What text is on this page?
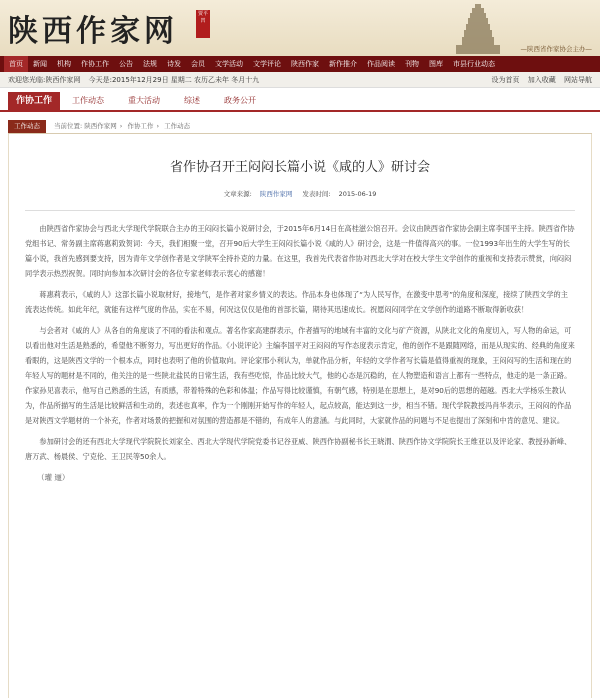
陕西作家网	贾平凹
—陕西省作家协会主办—
首页	新闻	机构	作协工作	公告	法规	诗发	会员	文学活动	文学评论	陕西作家	新作推介	作品阅读	刊物	图库	市县行业动态
欢迎您光临:陕西作家网 今天是:2015年12月29日 星期二 农历乙未年 冬月十九	设为首页 加入收藏 网站导航
作协工作	工作动态	重大活动	综述	政务公开
工作动态	当前位置: 陕西作家网 › 作协工作 › 工作动态
省作协召开王闷闷长篇小说《咸的人》研讨会
文章来源: 陕西作家网 发表时间: 2015-06-19

由陕西省作家协会与西北大学现代学院联合主办的王闷闷长篇小说研讨会，于2015年6月14日在高桂滋公馆召开。会议由陕西省作家协会副主席李国平主持。陕西省作协党组书记、常务副主席蒋惠莉致贺词：今天，我们相聚一堂，召开90后大学生王闷闷长篇小说《咸的人》研讨会，这是一件值得高兴的事。一位1993年出生的大学生写的长篇小说，我首先感到要支持，因为青年文学创作者是文学陕军全持扑克的力量。在这里，我首先代表省作协对西北大学对在校大学生文学创作的重视和支持表示赞赏，向闷闷同学表示热烈祝贺。同时向参加本次研讨会的各位专家老师表示衷心的感谢！

蒋惠莉表示，《咸的人》这部长篇小说取材好，接地气，是作者对家乡情义的表达。作品本身也体现了“为人民写作，在激变中思考”的角度和深度，接续了陕西文学的主流表达传统。如此年纪，就能有这样气度的作品，实在不易，何况这仅仅是他的首部长篇，期待其迅速成长。祝愿闷闷同学在文学创作的道路不断取得新收获！

与会者对《咸的人》从各自的角度谈了不同的看法和观点。著名作家高建群表示，作者描写的地域有丰富的文化与矿产资源，从陕北文化的角度切入，写人物的命运，可以看出他对生活是熟悉的，希望他不断努力，写出更好的作品。《小说评论》主编李国平对王闷闷的写作态度表示肯定，他的创作不是跟随网络，而是从现实的、经典的角度来看眼的，这是陕西文学的一个根本点，同时也表明了他的价值取向。评论家邢小利认为，单就作品分析，年轻的文学作者写长篇是值得重视的现象，王闷闷写的生活和现在的年轻人写的题材是不同的，他关注的是一些陕北盐民的日常生活，我有些吃惊，作品比较大气，他的心态是沉稳的，在人物塑造和语言上都有一些特点，他走的是一条正路。作家孙见喜表示，他写自己熟悉的生活，有质感，带着特殊的色彩和体温；作品写得比较谨慎，有朝气感，特别是在思想上，是对90后的思想的超越。西北大学杨乐生教认为，作品所描写的生活是比较鲜活和生动的，表述也真率，作为一个刚刚开始写作的年轻人，起点较高，能达到这一步，相当不错。现代学院教授冯肖华表示，王闷闷的作品是对陕西文学题材的一个补充，作者对场景的把握和对氛围的营造都是不错的，有成年人的意涵。与此同时，大家就作品的问题与不足也提出了深刻和中肯的意见、建议。

参加研讨会的还有西北大学现代学院院长刘家全、西北大学现代学院党委书记谷亚威、陕西作协副秘书长王晓渭、陕西作协文学院院长王维亚以及评论家、教授孙新峰、唐万武、杨晨侯、宁克伦、王卫民等50余人。

（瓘 逦）
